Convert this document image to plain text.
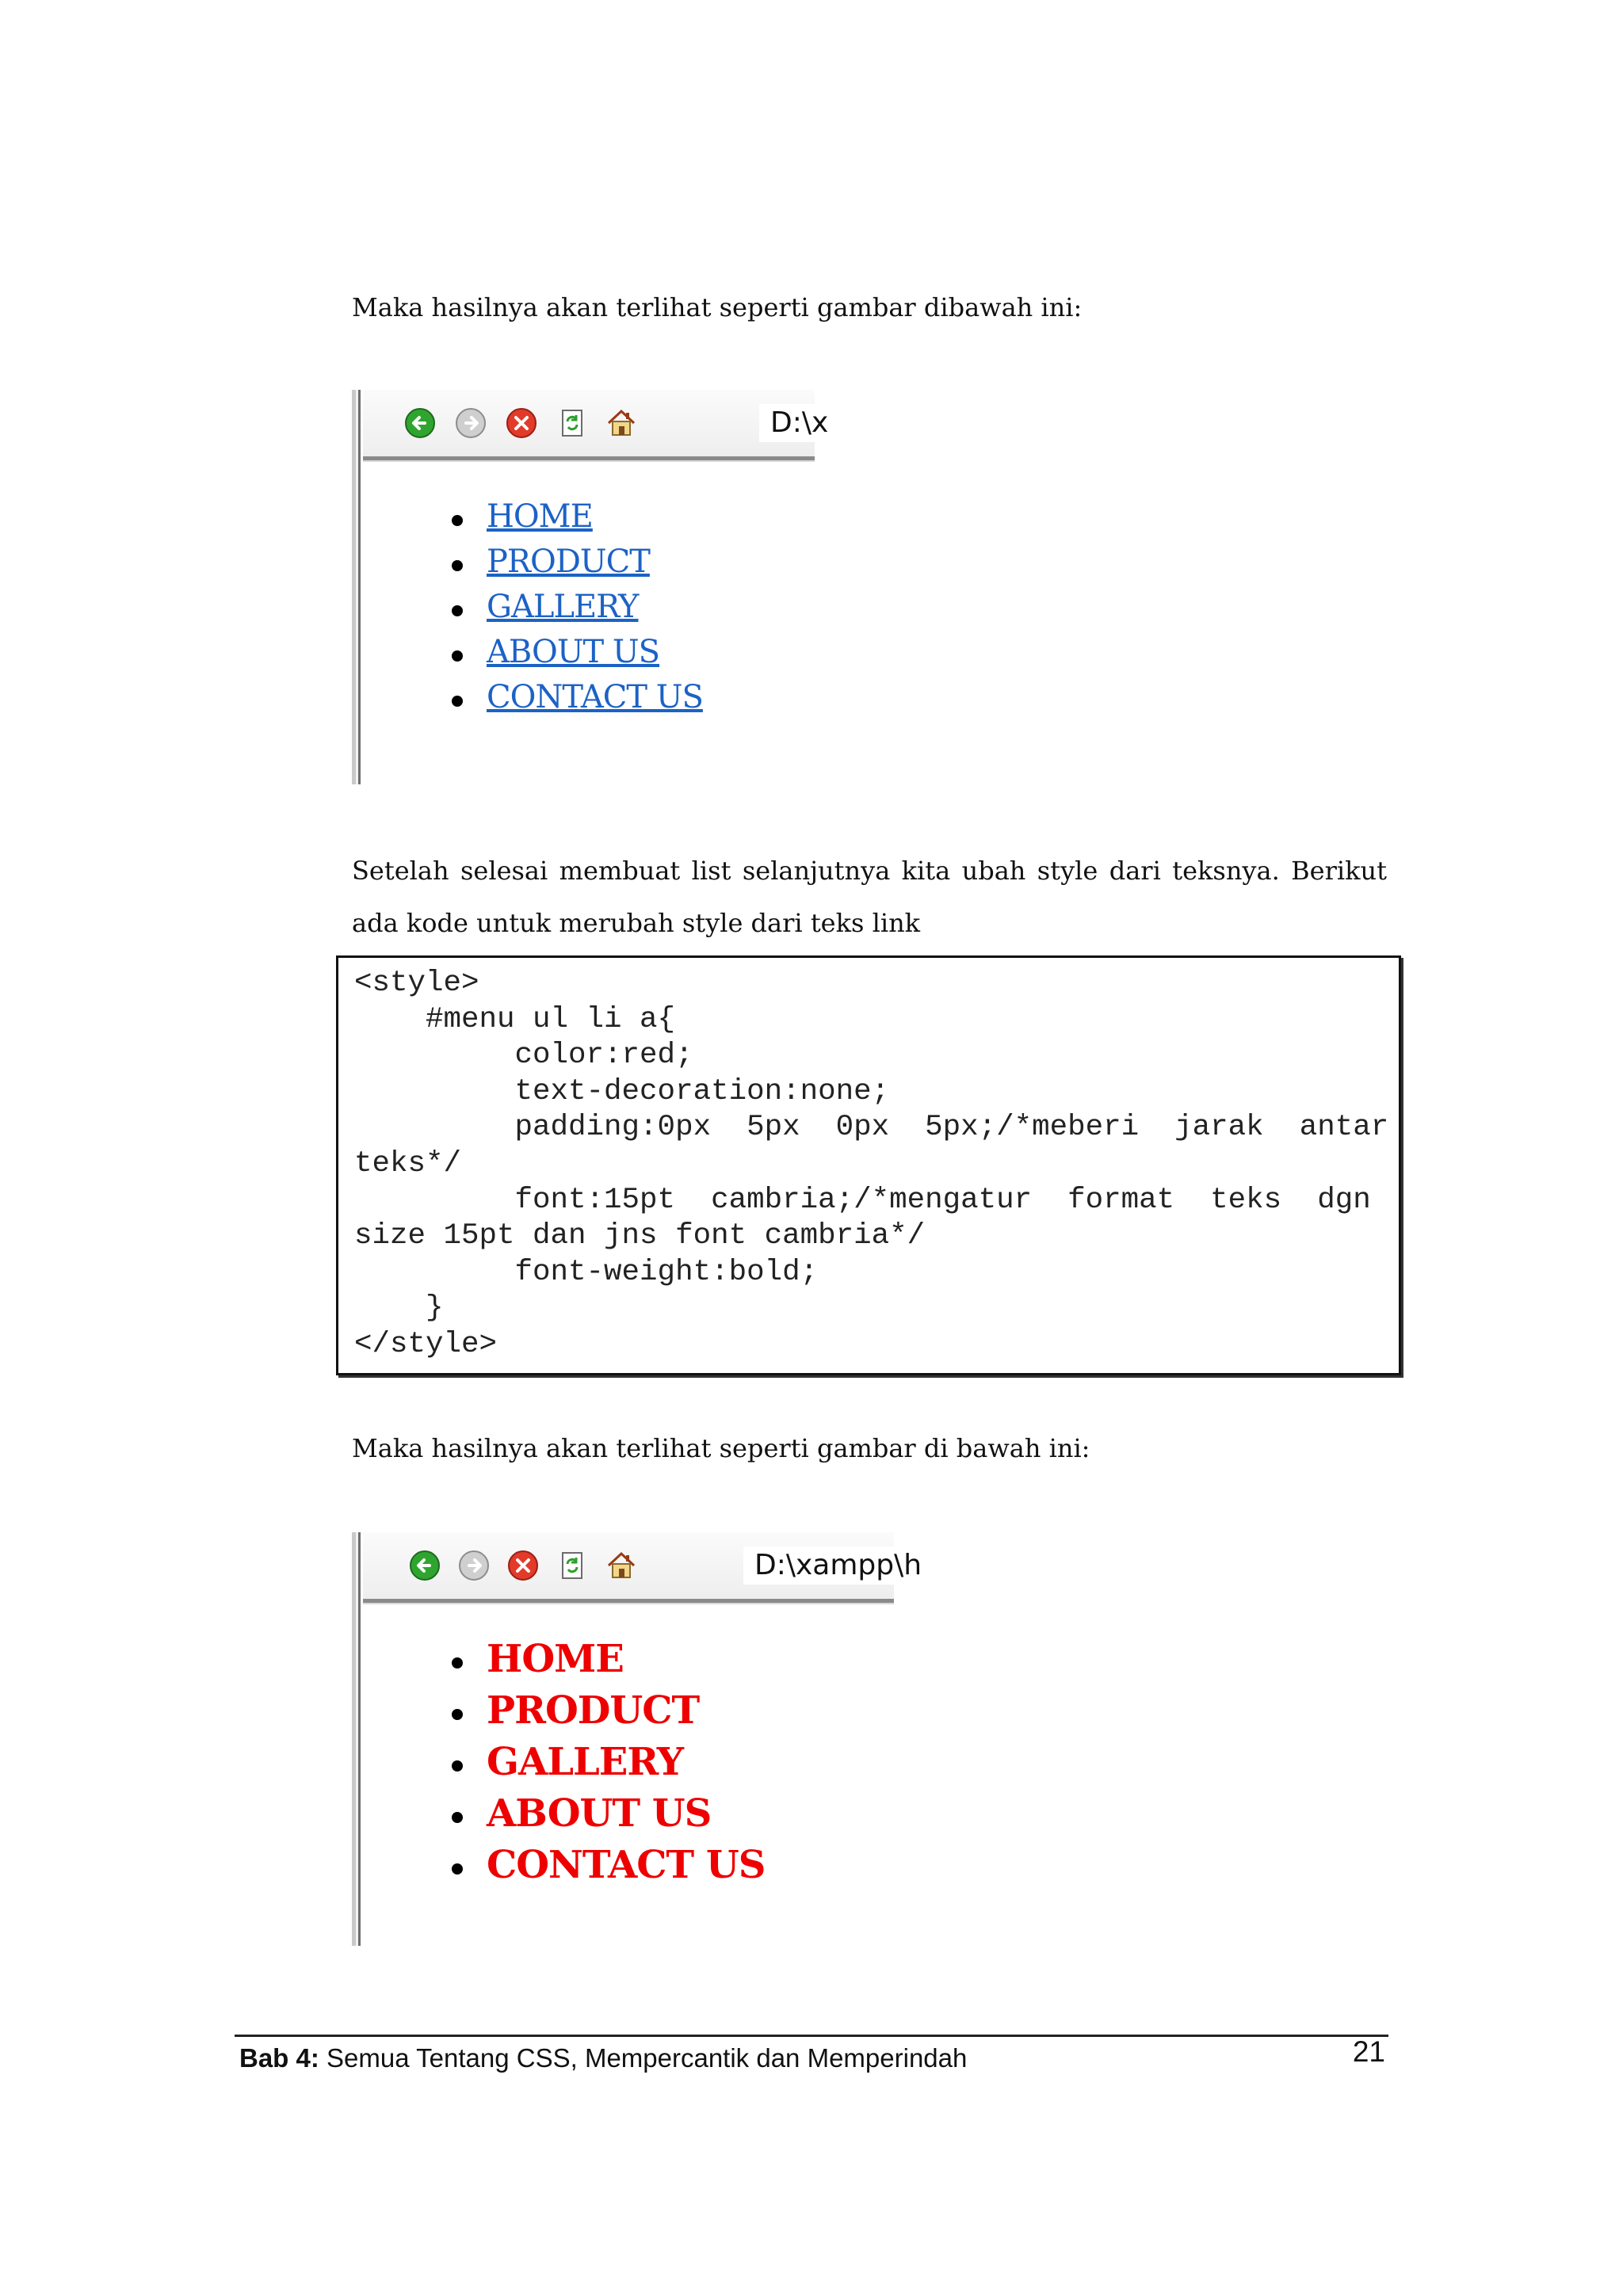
Maka hasilnya akan terlihat seperti gambar dibawah ini:

D:\x
HOME
PRODUCT
GALLERY
ABOUT US
CONTACT US

Setelah selesai membuat list selanjutnya kita ubah style dari teksnya. Berikut ada kode untuk merubah style dari teks link

<style>
#menu ul li a{
color:red;
text-decoration:none;
padding:0px  5px  0px  5px;/*meberi  jarak  antar
teks*/
font:15pt  cambria;/*mengatur  format  teks  dgn
size 15pt dan jns font cambria*/
font-weight:bold;
}
</style>

Maka hasilnya akan terlihat seperti gambar di bawah ini:

D:\xampp\h
HOME
PRODUCT
GALLERY
ABOUT US
CONTACT US
Bab 4: Semua Tentang CSS, Mempercantik dan Memperindah	21
